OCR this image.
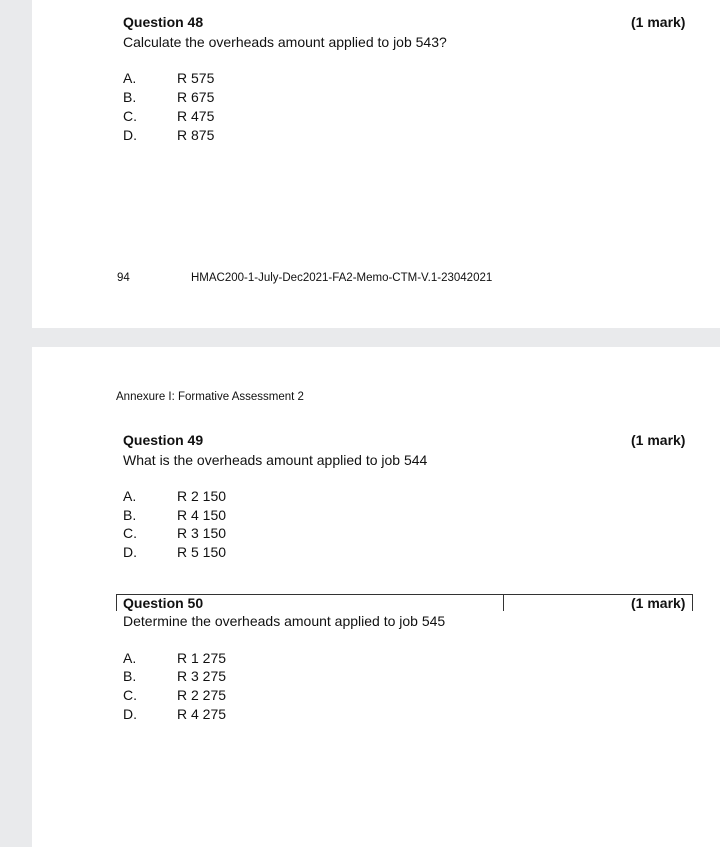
Question 48	(1 mark)
Calculate the overheads amount applied to job 543?
A.	R 575
B.	R 675
C.	R 475
D.	R 875
94	HMAC200-1-July-Dec2021-FA2-Memo-CTM-V.1-23042021
Annexure I: Formative Assessment 2
Question 49	(1 mark)
What is the overheads amount applied to job 544
A.	R 2 150
B.	R 4 150
C.	R 3 150
D.	R 5 150
Question 50	(1 mark)
Determine the overheads amount applied to job 545
A.	R 1 275
B.	R 3 275
C.	R 2 275
D.	R 4 275
